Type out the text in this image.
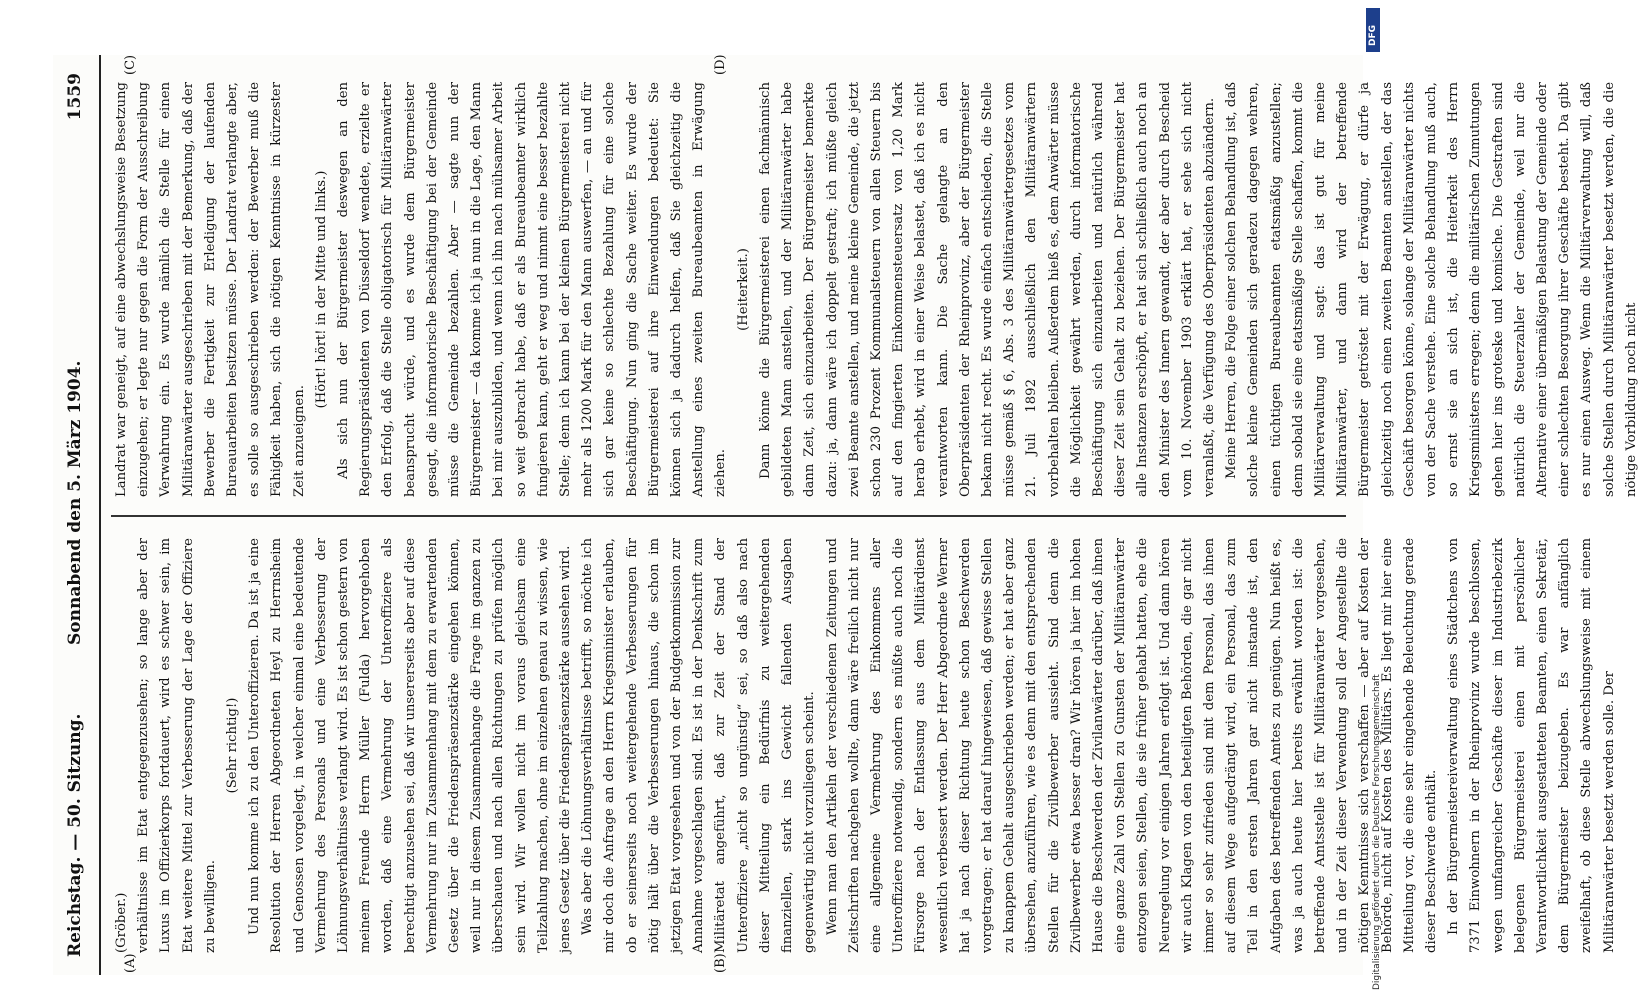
Reichstag. — 50. Sitzung.
Sonnabend den 5. März 1904.
1559
(A)	(B)
(C)	(D)

(Gröber.) verhältnisse im Etat entgegenzusehen; so lange aber der Luxus im Offizierkorps fortdauert, wird es schwer sein, im Etat weitere Mittel zur Verbesserung der Lage der Offiziere zu bewilligen.

(Sehr richtig!) Und nun komme ich zu den Unteroffizieren. Da ist ja eine Resolution der Herren Abgeordneten Heyl zu Herrnsheim und Genossen vorgelegt, in welcher einmal eine bedeutende Vermehrung des Personals und eine Verbesserung der Löhnungsverhältnisse verlangt wird. Es ist schon gestern von meinem Freunde Herrn Müller (Fulda) hervorgehoben worden, daß eine Vermehrung der Unteroffiziere als berechtigt anzusehen sei, daß wir unsererseits aber auf diese Vermehrung nur im Zusammenhang mit dem zu erwartenden Gesetz über die Friedenspräsenzstärke eingehen können, weil nur in diesem Zusammenhange die Frage im ganzen zu überschauen und nach allen Richtungen zu prüfen möglich sein wird. Wir wollen nicht im voraus gleichsam eine Teilzahlung machen, ohne im einzelnen genau zu wissen, wie jenes Gesetz über die Friedenspräsenzstärke aussehen wird. Was aber die Löhnungsverhältnisse betrifft, so möchte ich mir doch die Anfrage an den Herrn Kriegsminister erlauben, ob er seinerseits noch weitergehende Verbesserungen für nötig hält über die Verbesserungen hinaus, die schon im jetzigen Etat vorgesehen und von der Budgetkommission zur Annahme vorgeschlagen sind. Es ist in der Denkschrift zum Militäretat angeführt, daß zur Zeit der Stand der Unteroffiziere „nicht so ungünstig“ sei, so daß also nach dieser Mitteilung ein Bedürfnis zu weitergehenden finanziellen, stark ins Gewicht fallenden Ausgaben gegenwärtig nicht vorzuliegen scheint. Wenn man den Artikeln der verschiedenen Zeitungen und Zeitschriften nachgehen wollte, dann wäre freilich nicht nur eine allgemeine Vermehrung des Einkommens aller Unteroffiziere notwendig, sondern es müßte auch noch die Fürsorge nach der Entlassung aus dem Militärdienst wesentlich verbessert werden. Der Herr Abgeordnete Werner hat ja nach dieser Richtung heute schon Beschwerden vorgetragen; er hat darauf hingewiesen, daß gewisse Stellen zu knappem Gehalt ausgeschrieben werden; er hat aber ganz übersehen, anzuführen, wie es denn mit den entsprechenden Stellen für die Zivilbewerber aussieht. Sind denn die Zivilbewerber etwa besser dran? Wir hören ja hier im hohen Hause die Beschwerden der Zivilanwärter darüber, daß ihnen eine ganze Zahl von Stellen zu Gunsten der Militäranwärter entzogen seien, Stellen, die sie früher gehabt hatten, ehe die Neuregelung vor einigen Jahren erfolgt ist. Und dann hören wir auch Klagen von den beteiligten Behörden, die gar nicht immer so sehr zufrieden sind mit dem Personal, das ihnen auf diesem Wege aufgedrängt wird, ein Personal, das zum Teil in den ersten Jahren gar nicht imstande ist, den Aufgaben des betreffenden Amtes zu genügen. Nun heißt es, was ja auch heute hier bereits erwähnt worden ist: die betreffende Amtsstelle ist für Militäranwärter vorgesehen, und in der Zeit dieser Verwendung soll der Angestellte die nötigen Kenntnisse sich verschaffen — aber auf Kosten der Behörde, nicht auf Kosten des Militärs. Es liegt mir hier eine Mitteilung vor, die eine sehr eingehende Beleuchtung gerade dieser Beschwerde enthält. In der Bürgermeistereiverwaltung eines Städtchens von 7371 Einwohnern in der Rheinprovinz wurde beschlossen, wegen umfangreicher Geschäfte dieser im Industriebezirk belegenen Bürgermeisterei einen mit persönlicher Verantwortlichkeit ausgestatteten Beamten, einen Sekretär, dem Bürgermeister beizugeben. Es war anfänglich zweifelhaft, ob diese Stelle abwechslungsweise mit einem Militäranwärter besetzt werden solle. Der

Landrat war geneigt, auf eine abwechslungsweise Besetzung einzugehen; er legte nur gegen die Form der Ausschreibung Verwahrung ein. Es wurde nämlich die Stelle für einen Militäranwärter ausgeschrieben mit der Bemerkung, daß der Bewerber die Fertigkeit zur Erledigung der laufenden Bureauarbeiten besitzen müsse. Der Landrat verlangte aber, es solle so ausgeschrieben werden: der Bewerber muß die Fähigkeit haben, sich die nötigen Kenntnisse in kürzester Zeit anzueignen.

(Hört! hört! in der Mitte und links.) Als sich nun der Bürgermeister deswegen an den Regierungspräsidenten von Düsseldorf wendete, erzielte er den Erfolg, daß die Stelle obligatorisch für Militäranwärter beansprucht würde, und es wurde dem Bürgermeister gesagt, die informatorische Beschäftigung bei der Gemeinde müsse die Gemeinde bezahlen. Aber — sagte nun der Bürgermeister — da komme ich ja nun in die Lage, den Mann bei mir auszubilden, und wenn ich ihn nach mühsamer Arbeit so weit gebracht habe, daß er als Bureaubeamter wirklich fungieren kann, geht er weg und nimmt eine besser bezahlte Stelle; denn ich kann bei der kleinen Bürgermeisterei nicht mehr als 1200 Mark für den Mann auswerfen, — an und für sich gar keine so schlechte Bezahlung für eine solche Beschäftigung. Nun ging die Sache weiter. Es wurde der Bürgermeisterei auf ihre Einwendungen bedeutet: Sie können sich ja dadurch helfen, daß Sie gleichzeitig die Anstellung eines zweiten Bureaubeamten in Erwägung ziehen.

(Heiterkeit.) Dann könne die Bürgermeisterei einen fachmännisch gebildeten Mann anstellen, und der Militäranwärter habe dann Zeit, sich einzuarbeiten. Der Bürgermeister bemerkte dazu: ja, dann wäre ich doppelt gestraft; ich müßte gleich zwei Beamte anstellen, und meine kleine Gemeinde, die jetzt schon 230 Prozent Kommunalsteuern von allen Steuern bis auf den fingierten Einkommensteuersatz von 1,20 Mark herab erhebt, wird in einer Weise belastet, daß ich es nicht verantworten kann. Die Sache gelangte an den Oberpräsidenten der Rheinprovinz, aber der Bürgermeister bekam nicht recht. Es wurde einfach entschieden, die Stelle müsse gemäß § 6, Abs. 3 des Militäranwärtergesetzes vom 21. Juli 1892 ausschließlich den Militäranwärtern vorbehalten bleiben. Außerdem hieß es, dem Anwärter müsse die Möglichkeit gewährt werden, durch informatorische Beschäftigung sich einzuarbeiten und natürlich während dieser Zeit sein Gehalt zu beziehen. Der Bürgermeister hat alle Instanzen erschöpft, er hat sich schließlich auch noch an den Minister des Innern gewandt, der aber durch Bescheid vom 10. November 1903 erklärt hat, er sehe sich nicht veranlaßt, die Verfügung des Oberpräsidenten abzuändern. Meine Herren, die Folge einer solchen Behandlung ist, daß solche kleine Gemeinden sich geradezu dagegen wehren, einen tüchtigen Bureaubeamten etatsmäßig anzustellen; denn sobald sie eine etatsmäßige Stelle schaffen, kommt die Militärverwaltung und sagt: das ist gut für meine Militäranwärter, und dann wird der betreffende Bürgermeister getröstet mit der Erwägung, er dürfe ja gleichzeitig noch einen zweiten Beamten anstellen, der das Geschäft besorgen könne, solange der Militäranwärter nichts von der Sache verstehe. Eine solche Behandlung muß auch, so ernst sie an sich ist, die Heiterkeit des Herrn Kriegsministers erregen; denn die militärischen Zumutungen gehen hier ins groteske und komische. Die Gestraften sind natürlich die Steuerzahler der Gemeinde, weil nur die Alternative einer übermäßigen Belastung der Gemeinde oder einer schlechten Besorgung ihrer Geschäfte besteht. Da gibt es nur einen Ausweg. Wenn die Militärverwaltung will, daß solche Stellen durch Militäranwärter besetzt werden, die die nötige Vorbildung noch nicht

Digitalisierung gefördert durch die Deutsche Forschungsgemeinschaft
DFG
